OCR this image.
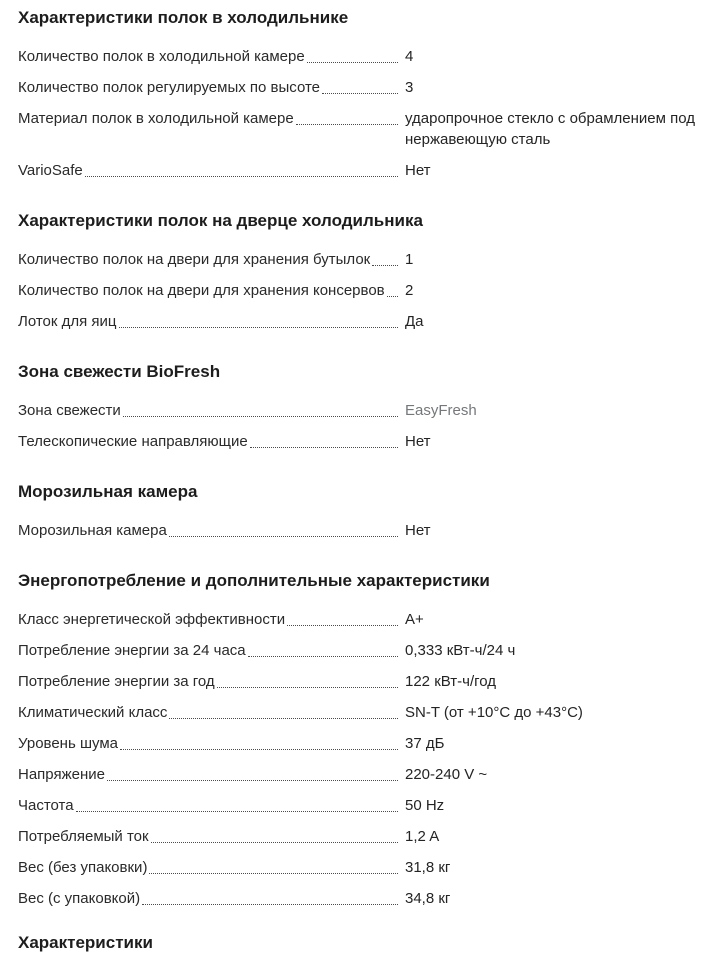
Характеристики полок в холодильнике
Количество полок в холодильной камере	4
Количество полок регулируемых по высоте	3
Материал полок в холодильной камере	ударопрочное стекло с обрамлением под нержавеющую сталь
VarioSafe	Нет
Характеристики полок на дверце холодильника
Количество полок на двери для хранения бутылок 1
Количество полок на двери для хранения консервов 2
Лоток для яиц	Да
Зона свежести BioFresh
Зона свежести	EasyFresh
Телескопические направляющие	Нет
Морозильная камера
Морозильная камера	Нет
Энергопотребление и дополнительные характеристики
Класс энергетической эффективности	A+
Потребление энергии за 24 часа	0,333 кВт-ч/24 ч
Потребление энергии за год	122 кВт-ч/год
Климатический класс	SN-T (от +10°C до +43°C)
Уровень шума	37 дБ
Напряжение	220-240 V ~
Частота	50 Hz
Потребляемый ток	1,2 A
Вес (без упаковки)	31,8 кг
Вес (с упаковкой)	34,8 кг
Характеристики
